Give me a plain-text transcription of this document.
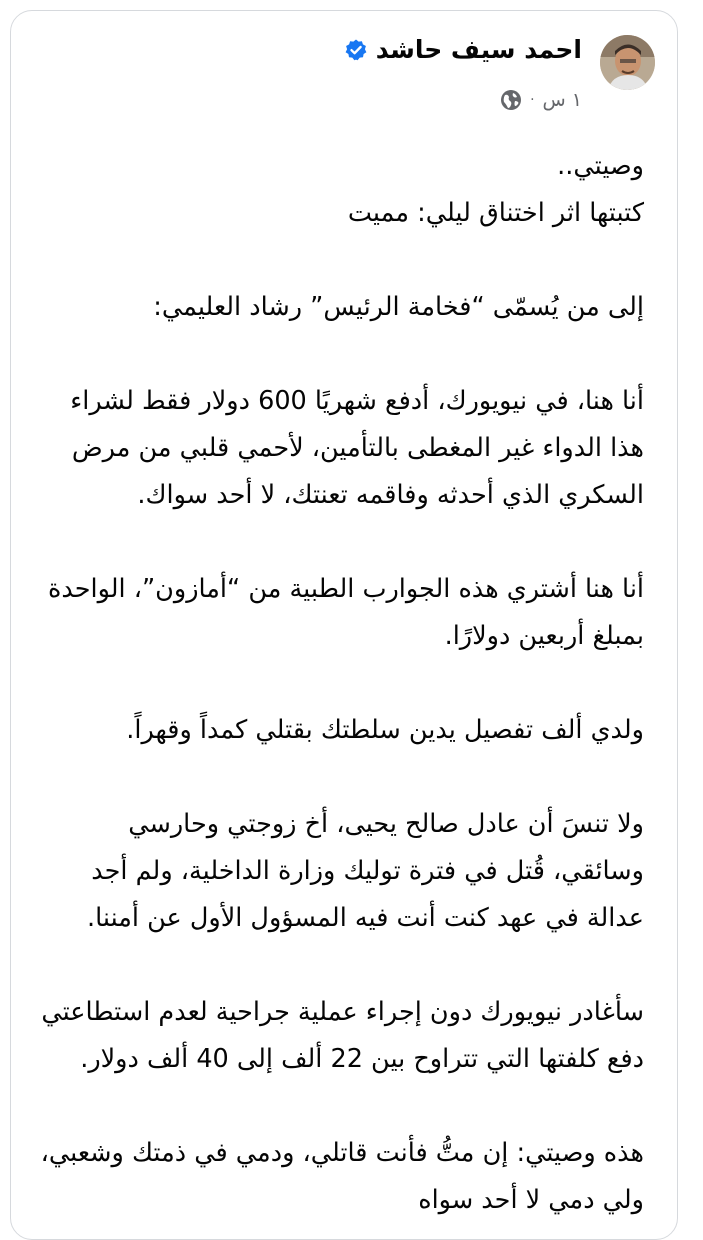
احمد سيف حاشد
١ س
·

وصيتي..
كتبتها اثر اختناق ليلي: مميت

إلى من يُسمّى “فخامة الرئيس” رشاد العليمي:

أنا هنا، في نيويورك، أدفع شهريًا 600 دولار فقط لشراء هذا الدواء غير المغطى بالتأمين، لأحمي قلبي من مرض السكري الذي أحدثه وفاقمه تعنتك، لا أحد سواك.

أنا هنا أشتري هذه الجوارب الطبية من “أمازون”، الواحدة بمبلغ أربعين دولارًا.

ولدي ألف تفصيل يدين سلطتك بقتلي كمداً وقهراً.

ولا تنسَ أن عادل صالح يحيى، أخ زوجتي وحارسي وسائقي، قُتل في فترة توليك وزارة الداخلية، ولم أجد عدالة في عهد كنت أنت فيه المسؤول الأول عن أمننا.

سأغادر نيويورك دون إجراء عملية جراحية لعدم استطاعتي دفع كلفتها التي تتراوح بين 22 ألف إلى 40 ألف دولار.

هذه وصيتي: إن متُّ فأنت قاتلي، ودمي في ذمتك وشعبي، ولي دمي لا أحد سواه
